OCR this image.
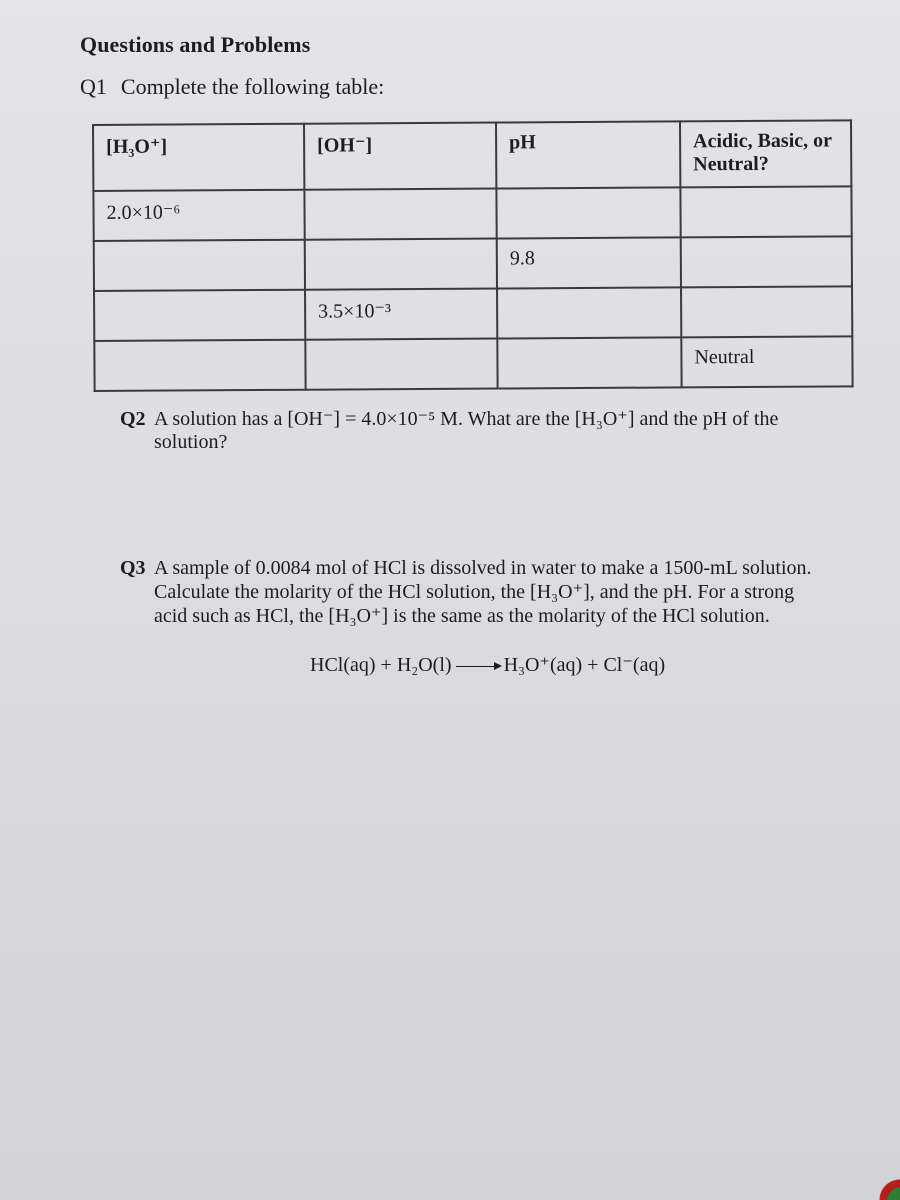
Questions and Problems
Q1 Complete the following table:
[H₃O⁺]	[OH⁻]	pH	Acidic, Basic, or Neutral?
2.0×10⁻⁶			
		9.8	
	3.5×10⁻³		
			Neutral
Q2 A solution has a [OH⁻] = 4.0×10⁻⁵ M. What are the [H₃O⁺] and the pH of the
solution?
Q3 A sample of 0.0084 mol of HCl is dissolved in water to make a 1500-mL solution.
Calculate the molarity of the HCl solution, the [H₃O⁺], and the pH. For a strong
acid such as HCl, the [H₃O⁺] is the same as the molarity of the HCl solution.
HCl(aq) + H₂O(l) → H₃O⁺(aq) + Cl⁻(aq)
